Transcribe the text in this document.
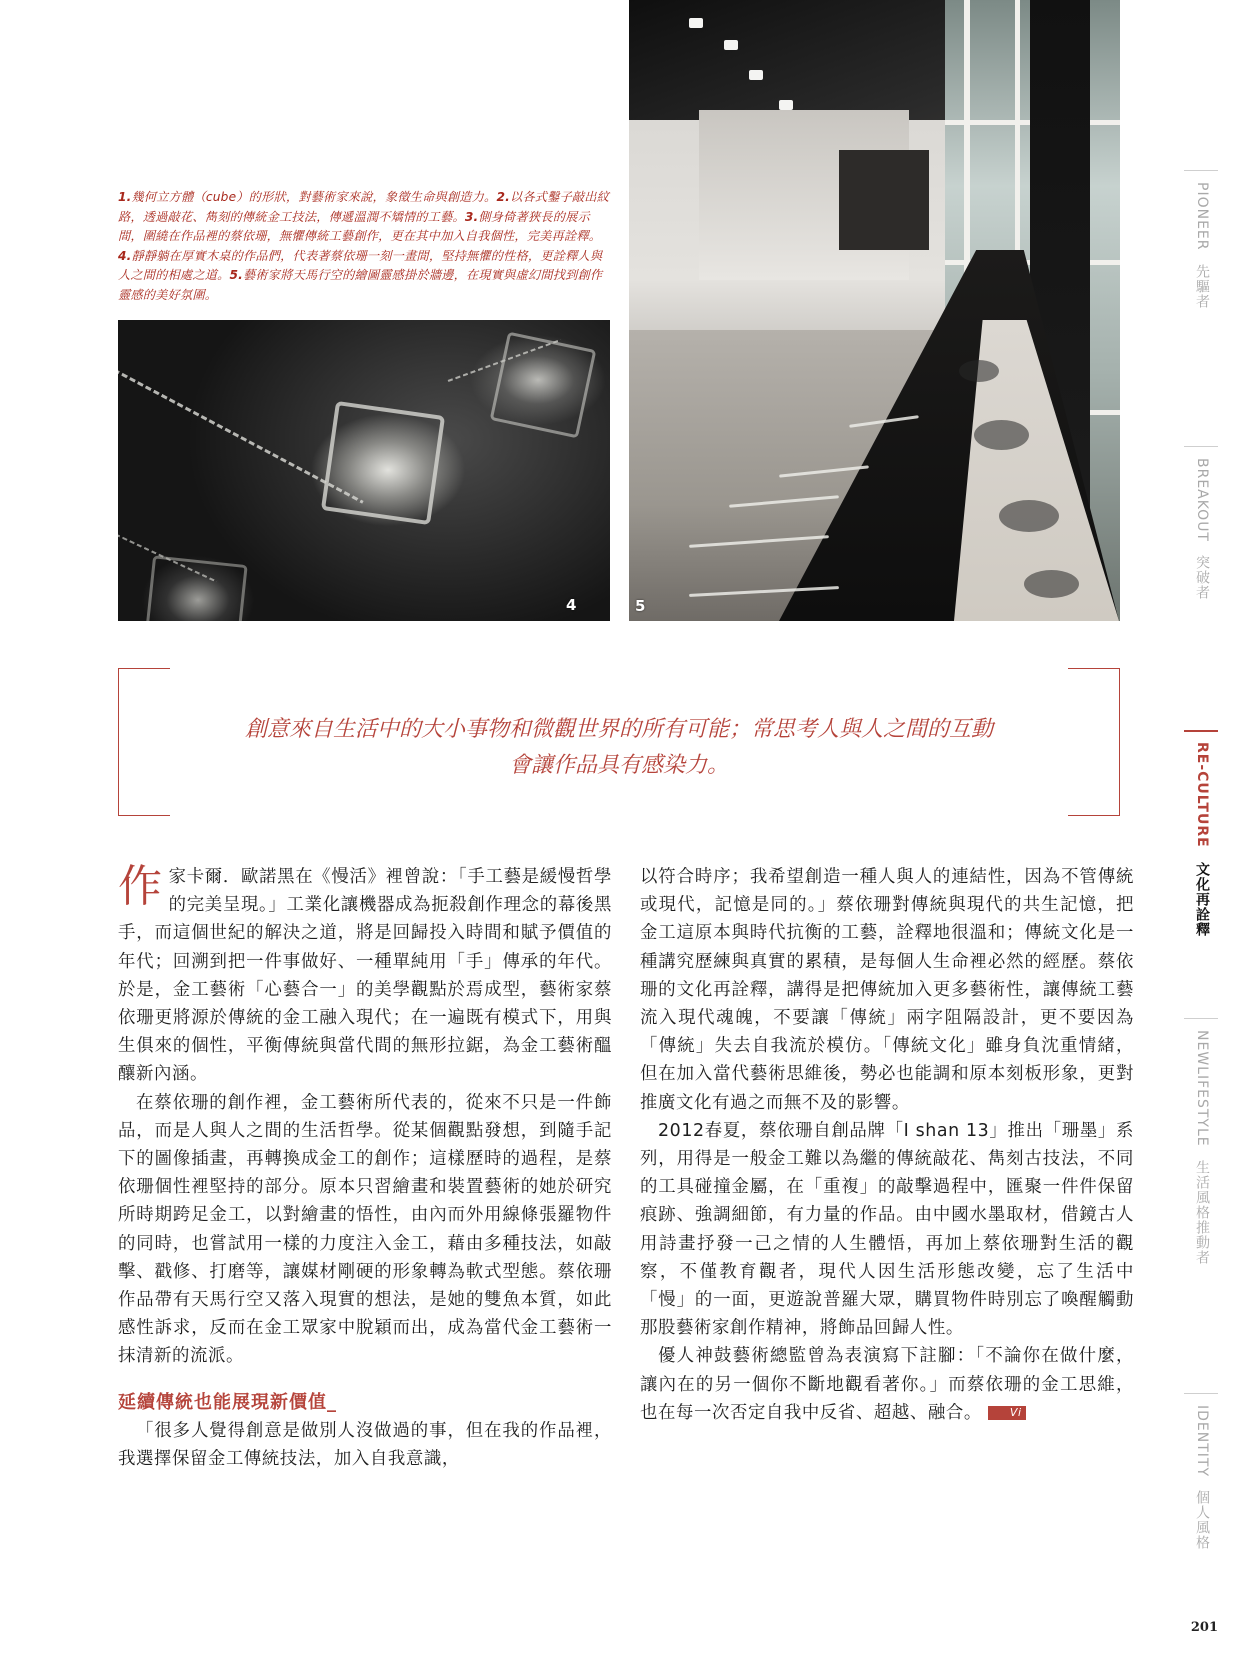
1.幾何立方體（cube）的形狀，對藝術家來說，象徵生命與創造力。2.以各式鑿子敲出紋路，透過敲花、雋刻的傳統金工技法，傳遞溫潤不矯情的工藝。3.側身倚著狹長的展示間，圍繞在作品裡的蔡依珊，無懼傳統工藝創作，更在其中加入自我個性，完美再詮釋。4.靜靜躺在厚實木桌的作品們，代表著蔡依珊一刻一畫間，堅持無懼的性格，更詮釋人與人之間的相處之道。5.藝術家將天馬行空的繪圖靈感掛於牆邊，在現實與虛幻間找到創作靈感的美好氛圍。
4	5
創意來自生活中的大小事物和微觀世界的所有可能；常思考人與人之間的互動
會讓作品具有感染力。

作家卡爾．歐諾黑在《慢活》裡曾說：「手工藝是緩慢哲學的完美呈現。」工業化讓機器成為扼殺創作理念的幕後黑手，而這個世紀的解決之道，將是回歸投入時間和賦予價值的年代；回溯到把一件事做好、一種單純用「手」傳承的年代。於是，金工藝術「心藝合一」的美學觀點於焉成型，藝術家蔡依珊更將源於傳統的金工融入現代；在一遍既有模式下，用與生俱來的個性，平衡傳統與當代間的無形拉鋸，為金工藝術醞釀新內涵。

在蔡依珊的創作裡，金工藝術所代表的，從來不只是一件飾品，而是人與人之間的生活哲學。從某個觀點發想，到隨手記下的圖像插畫，再轉換成金工的創作；這樣歷時的過程，是蔡依珊個性裡堅持的部分。原本只習繪畫和裝置藝術的她於研究所時期跨足金工，以對繪畫的悟性，由內而外用線條張羅物件的同時，也嘗試用一樣的力度注入金工，藉由多種技法，如敲擊、戳修、打磨等，讓媒材剛硬的形象轉為軟式型態。蔡依珊作品帶有天馬行空又落入現實的想法，是她的雙魚本質，如此感性訴求，反而在金工眾家中脫穎而出，成為當代金工藝術一抹清新的流派。

延續傳統也能展現新價值_

「很多人覺得創意是做別人沒做過的事，但在我的作品裡，我選擇保留金工傳統技法，加入自我意識，

以符合時序；我希望創造一種人與人的連結性，因為不管傳統或現代，記憶是同的。」蔡依珊對傳統與現代的共生記憶，把金工這原本與時代抗衡的工藝，詮釋地很溫和；傳統文化是一種講究歷練與真實的累積，是每個人生命裡必然的經歷。蔡依珊的文化再詮釋，講得是把傳統加入更多藝術性，讓傳統工藝流入現代魂魄，不要讓「傳統」兩字阻隔設計，更不要因為「傳統」失去自我流於模仿。「傳統文化」雖身負沈重情緒，但在加入當代藝術思維後，勢必也能調和原本刻板形象，更對推廣文化有過之而無不及的影響。

2012春夏，蔡依珊自創品牌「I shan 13」推出「珊墨」系列，用得是一般金工難以為繼的傳統敲花、雋刻古技法，不同的工具碰撞金屬，在「重複」的敲擊過程中，匯聚一件件保留痕跡、強調細節，有力量的作品。由中國水墨取材，借鏡古人用詩畫抒發一己之情的人生體悟，再加上蔡依珊對生活的觀察，不僅教育觀者，現代人因生活形態改變，忘了生活中「慢」的一面，更遊說普羅大眾，購買物件時別忘了喚醒觸動那股藝術家創作精神，將飾品回歸人性。

優人神鼓藝術總監曾為表演寫下註腳：「不論你在做什麼，讓內在的另一個你不斷地觀看著你。」而蔡依珊的金工思維，也在每一次否定自我中反省、超越、融合。	Vi

PIONEER 先驅者
BREAKOUT 突破者
RE-CULTURE 文化再詮釋
NEWLIFESTYLE 生活風格推動者
IDENTITY 個人風格
201
